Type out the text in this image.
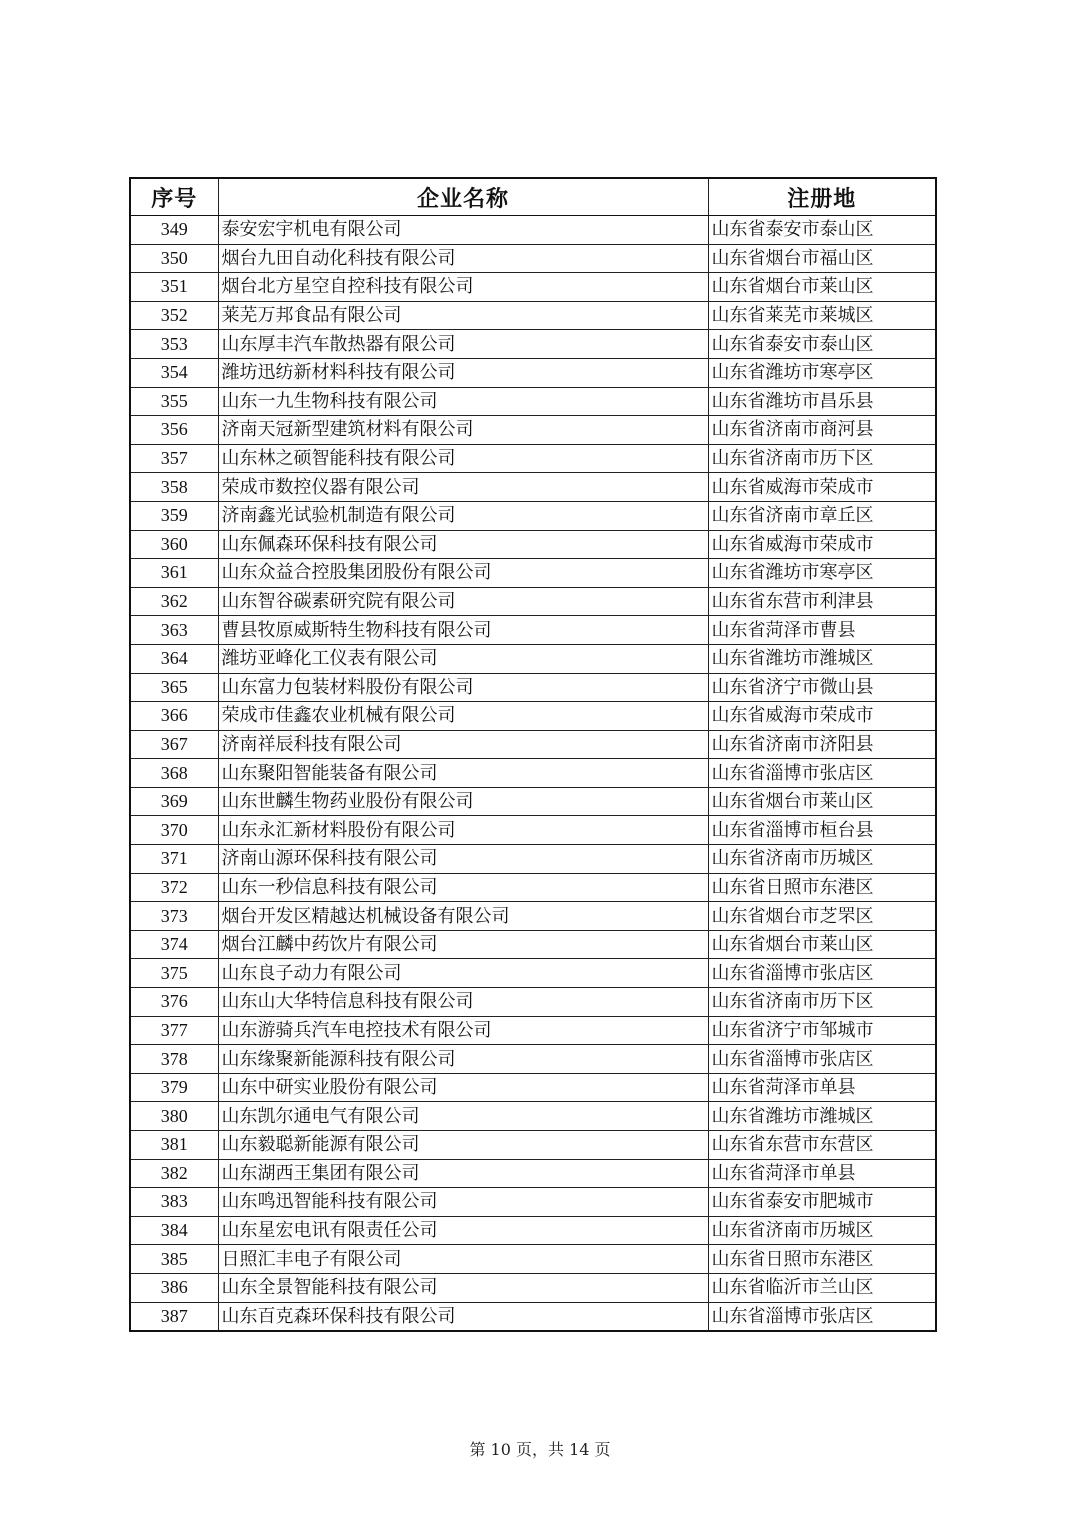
序号	企业名称	注册地
349	泰安宏宇机电有限公司	山东省泰安市泰山区
350	烟台九田自动化科技有限公司	山东省烟台市福山区
351	烟台北方星空自控科技有限公司	山东省烟台市莱山区
352	莱芜万邦食品有限公司	山东省莱芜市莱城区
353	山东厚丰汽车散热器有限公司	山东省泰安市泰山区
354	潍坊迅纺新材料科技有限公司	山东省潍坊市寒亭区
355	山东一九生物科技有限公司	山东省潍坊市昌乐县
356	济南天冠新型建筑材料有限公司	山东省济南市商河县
357	山东林之硕智能科技有限公司	山东省济南市历下区
358	荣成市数控仪器有限公司	山东省威海市荣成市
359	济南鑫光试验机制造有限公司	山东省济南市章丘区
360	山东佩森环保科技有限公司	山东省威海市荣成市
361	山东众益合控股集团股份有限公司	山东省潍坊市寒亭区
362	山东智谷碳素研究院有限公司	山东省东营市利津县
363	曹县牧原威斯特生物科技有限公司	山东省菏泽市曹县
364	潍坊亚峰化工仪表有限公司	山东省潍坊市潍城区
365	山东富力包装材料股份有限公司	山东省济宁市微山县
366	荣成市佳鑫农业机械有限公司	山东省威海市荣成市
367	济南祥辰科技有限公司	山东省济南市济阳县
368	山东聚阳智能装备有限公司	山东省淄博市张店区
369	山东世麟生物药业股份有限公司	山东省烟台市莱山区
370	山东永汇新材料股份有限公司	山东省淄博市桓台县
371	济南山源环保科技有限公司	山东省济南市历城区
372	山东一秒信息科技有限公司	山东省日照市东港区
373	烟台开发区精越达机械设备有限公司	山东省烟台市芝罘区
374	烟台江麟中药饮片有限公司	山东省烟台市莱山区
375	山东良子动力有限公司	山东省淄博市张店区
376	山东山大华特信息科技有限公司	山东省济南市历下区
377	山东游骑兵汽车电控技术有限公司	山东省济宁市邹城市
378	山东缘聚新能源科技有限公司	山东省淄博市张店区
379	山东中研实业股份有限公司	山东省菏泽市单县
380	山东凯尔通电气有限公司	山东省潍坊市潍城区
381	山东毅聪新能源有限公司	山东省东营市东营区
382	山东湖西王集团有限公司	山东省菏泽市单县
383	山东鸣迅智能科技有限公司	山东省泰安市肥城市
384	山东星宏电讯有限责任公司	山东省济南市历城区
385	日照汇丰电子有限公司	山东省日照市东港区
386	山东全景智能科技有限公司	山东省临沂市兰山区
387	山东百克森环保科技有限公司	山东省淄博市张店区
第 10 页，共 14 页
